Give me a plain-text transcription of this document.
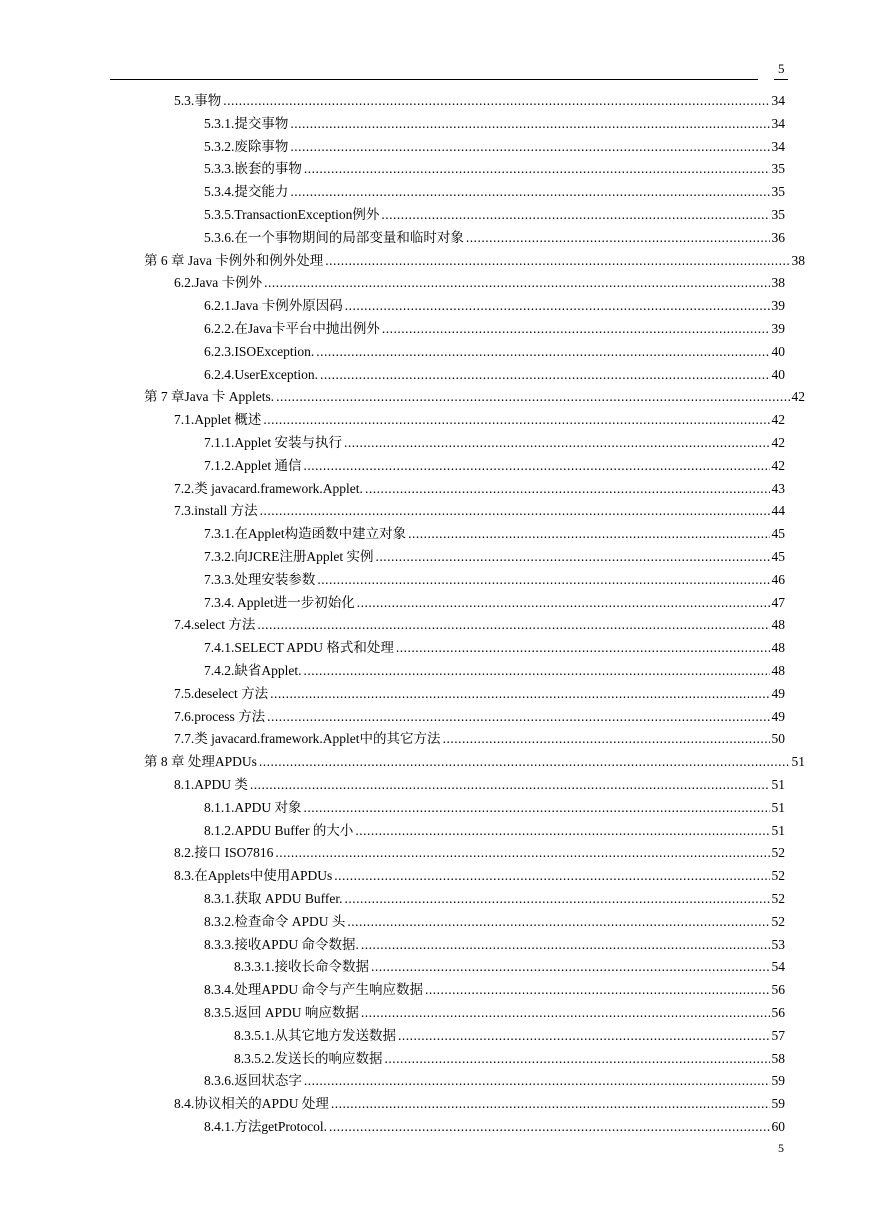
5
5.3.事物 .....	34
5.3.1.提交事物 .....	34
5.3.2.废除事物 .....	34
5.3.3.嵌套的事物 .....	35
5.3.4.提交能力 .....	35
5.3.5.TransactionException例外 .....	35
5.3.6.在一个事物期间的局部变量和临时对象 .....	36
第 6 章 Java 卡例外和例外处理 .....	38
6.2.Java 卡例外 .....	38
6.2.1.Java 卡例外原因码 .....	39
6.2.2.在Java卡平台中抛出例外 .....	39
6.2.3.ISOException. .....	40
6.2.4.UserException. .....	40
第 7 章Java 卡 Applets. .....	42
7.1.Applet 概述 .....	42
7.1.1.Applet 安装与执行 .....	42
7.1.2.Applet 通信 .....	42
7.2.类 javacard.framework.Applet. .....	43
7.3.install 方法 .....	44
7.3.1.在Applet构造函数中建立对象 .....	45
7.3.2.向JCRE注册Applet 实例 .....	45
7.3.3.处理安装参数 .....	46
7.3.4. Applet进一步初始化 .....	47
7.4.select 方法 .....	48
7.4.1.SELECT APDU 格式和处理 .....	48
7.4.2.缺省Applet. .....	48
7.5.deselect 方法 .....	49
7.6.process 方法 .....	49
7.7.类 javacard.framework.Applet中的其它方法 .....	50
第 8 章 处理APDUs .....	51
8.1.APDU 类 .....	51
8.1.1.APDU 对象 .....	51
8.1.2.APDU Buffer 的大小 .....	51
8.2.接口 ISO7816 .....	52
8.3.在Applets中使用APDUs .....	52
8.3.1.获取 APDU Buffer. .....	52
8.3.2.检查命令 APDU 头 .....	52
8.3.3.接收APDU 命令数据. .....	53
8.3.3.1.接收长命令数据 .....	54
8.3.4.处理APDU 命令与产生响应数据 .....	56
8.3.5.返回 APDU 响应数据 .....	56
8.3.5.1.从其它地方发送数据 .....	57
8.3.5.2.发送长的响应数据 .....	58
8.3.6.返回状态字 .....	59
8.4.协议相关的APDU 处理 .....	59
8.4.1.方法getProtocol. .....	60
5
